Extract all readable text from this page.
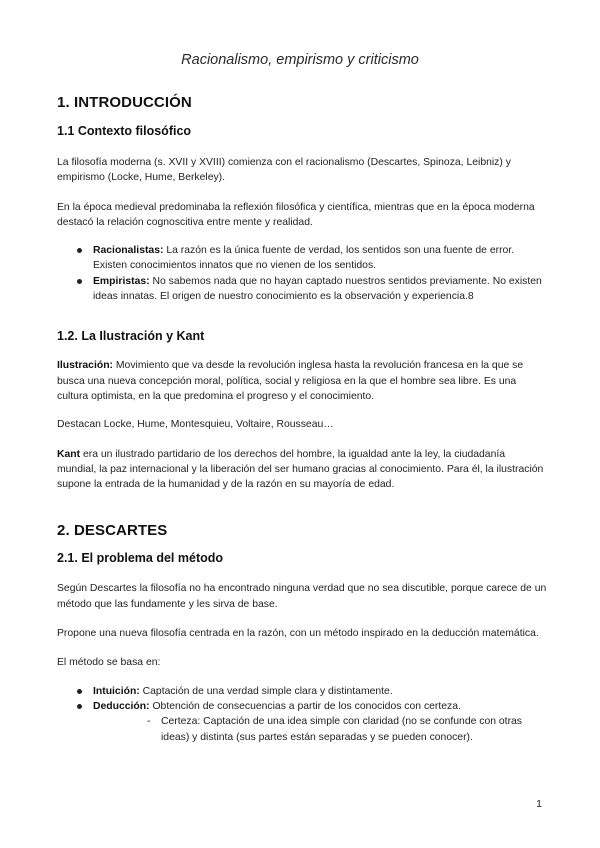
Racionalismo, empirismo y criticismo
1. INTRODUCCIÓN
1.1 Contexto filosófico

La filosofía moderna (s. XVII y XVIII) comienza con el racionalismo (Descartes, Spinoza, Leibniz) y empirismo (Locke, Hume, Berkeley).

En la época medieval predominaba la reflexión filosófica y científica, mientras que en la época moderna destacó la relación cognoscitiva entre mente y realidad.

Racionalistas: La razón es la única fuente de verdad, los sentidos son una fuente de error. Existen conocimientos innatos que no vienen de los sentidos.
Empiristas: No sabemos nada que no hayan captado nuestros sentidos previamente. No existen ideas innatas. El origen de nuestro conocimiento es la observación y experiencia.8
1.2. La Ilustración y Kant

Ilustración: Movimiento que va desde la revolución inglesa hasta la revolución francesa en la que se busca una nueva concepción moral, política, social y religiosa en la que el hombre sea libre. Es una cultura optimista, en la que predomina el progreso y el conocimiento.

Destacan Locke, Hume, Montesquieu, Voltaire, Rousseau…

Kant era un ilustrado partidario de los derechos del hombre, la igualdad ante la ley, la ciudadanía mundial, la paz internacional y la liberación del ser humano gracias al conocimiento. Para él, la ilustración supone la entrada de la humanidad y de la razón en su mayoría de edad.

2. DESCARTES
2.1. El problema del método

Según Descartes la filosofía no ha encontrado ninguna verdad que no sea discutible, porque carece de un método que las fundamente y les sirva de base.

Propone una nueva filosofía centrada en la razón, con un método inspirado en la deducción matemática.

El método se basa en:

Intuición: Captación de una verdad simple clara y distintamente.
Deducción: Obtención de consecuencias a partir de los conocidos con certeza.
- Certeza: Captación de una idea simple con claridad (no se confunde con otras ideas) y distinta (sus partes están separadas y se pueden conocer).
1
